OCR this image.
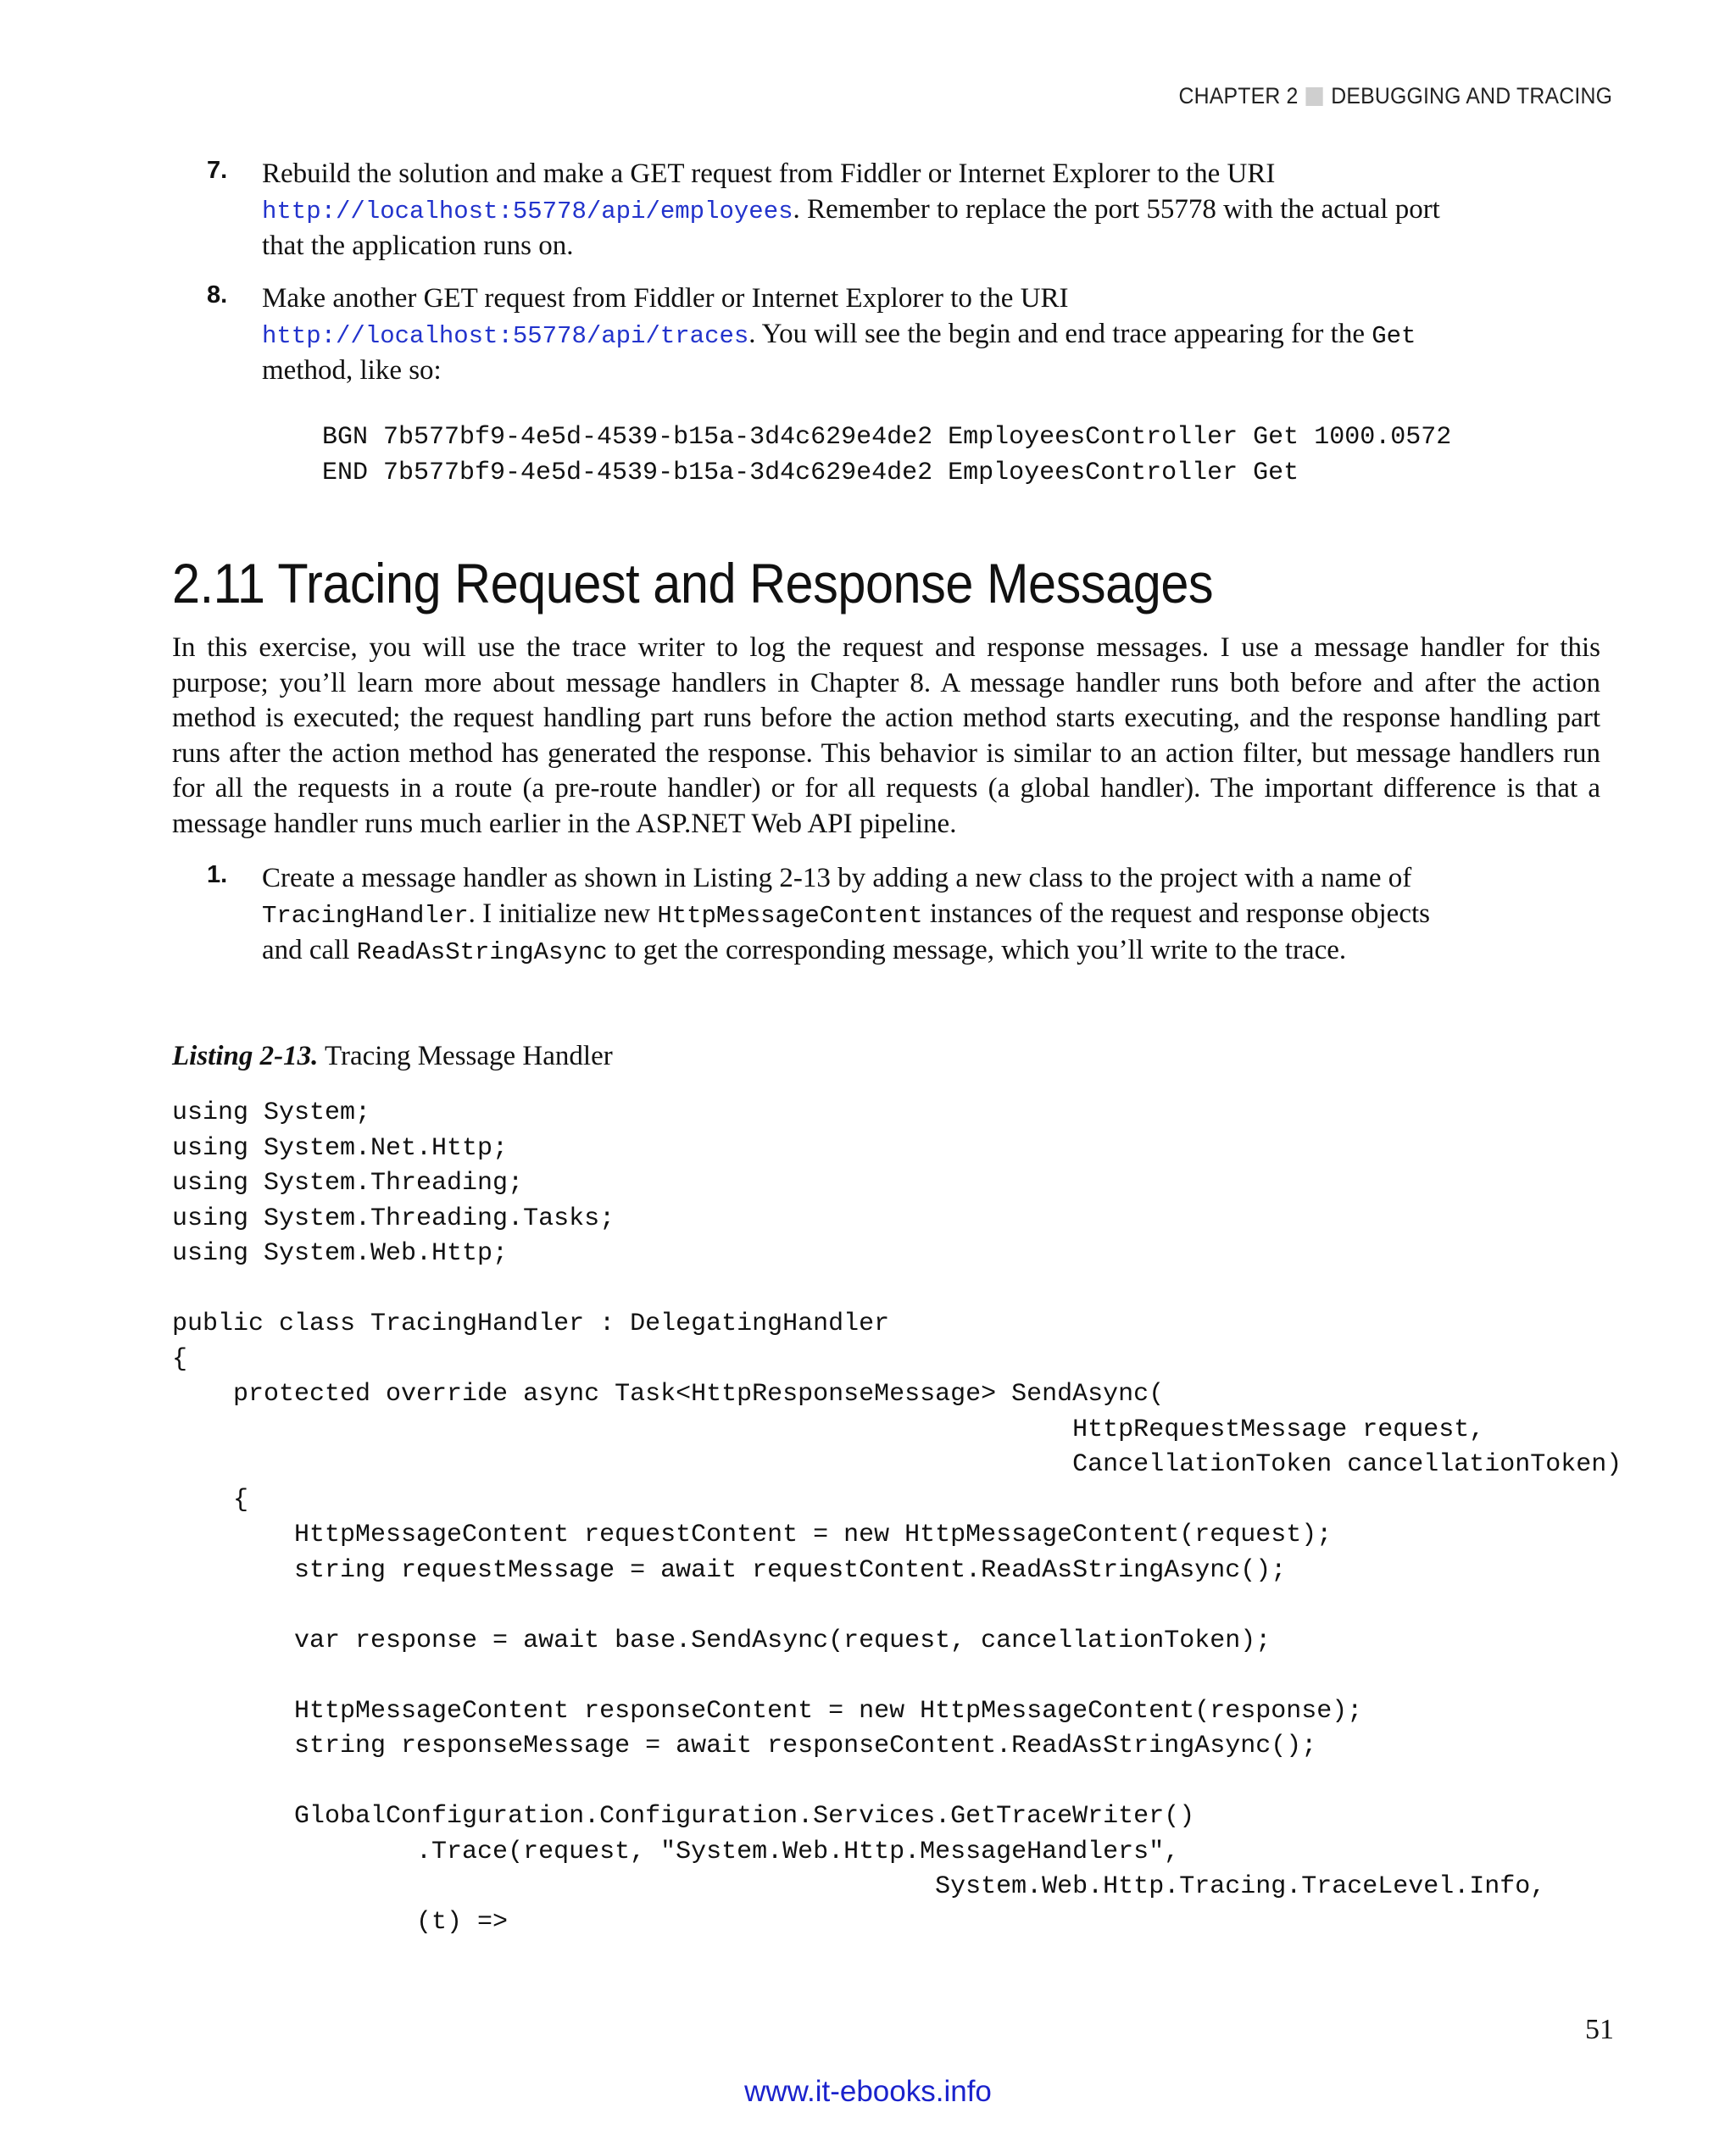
CHAPTER 2 DEBUGGING AND TRACING
7. Rebuild the solution and make a GET request from Fiddler or Internet Explorer to the URI
http://localhost:55778/api/employees. Remember to replace the port 55778 with the actual port that the application runs on.
8. Make another GET request from Fiddler or Internet Explorer to the URI
http://localhost:55778/api/traces. You will see the begin and end trace appearing for the Get method, like so:
BGN 7b577bf9-4e5d-4539-b15a-3d4c629e4de2 EmployeesController Get 1000.0572
END 7b577bf9-4e5d-4539-b15a-3d4c629e4de2 EmployeesController Get
2.11 Tracing Request and Response Messages
In this exercise, you will use the trace writer to log the request and response messages. I use a message handler for this purpose; you’ll learn more about message handlers in Chapter 8. A message handler runs both before and after the action method is executed; the request handling part runs before the action method starts executing, and the response handling part runs after the action method has generated the response. This behavior is similar to an action filter, but message handlers run for all the requests in a route (a pre-route handler) or for all requests (a global handler). The important difference is that a message handler runs much earlier in the ASP.NET Web API pipeline.
1. Create a message handler as shown in Listing 2-13 by adding a new class to the project with a name of TracingHandler. I initialize new HttpMessageContent instances of the request and response objects and call ReadAsStringAsync to get the corresponding message, which you’ll write to the trace.
Listing 2-13. Tracing Message Handler
using System;
using System.Net.Http;
using System.Threading;
using System.Threading.Tasks;
using System.Web.Http;
public class TracingHandler : DelegatingHandler
{
protected override async Task<HttpResponseMessage> SendAsync(
HttpRequestMessage request,
CancellationToken cancellationToken)
{
HttpMessageContent requestContent = new HttpMessageContent(request);
string requestMessage = await requestContent.ReadAsStringAsync();
var response = await base.SendAsync(request, cancellationToken);
HttpMessageContent responseContent = new HttpMessageContent(response);
string responseMessage = await responseContent.ReadAsStringAsync();
GlobalConfiguration.Configuration.Services.GetTraceWriter()
.Trace(request, "System.Web.Http.MessageHandlers",
System.Web.Http.Tracing.TraceLevel.Info,
(t) =>
51
www.it-ebooks.info
